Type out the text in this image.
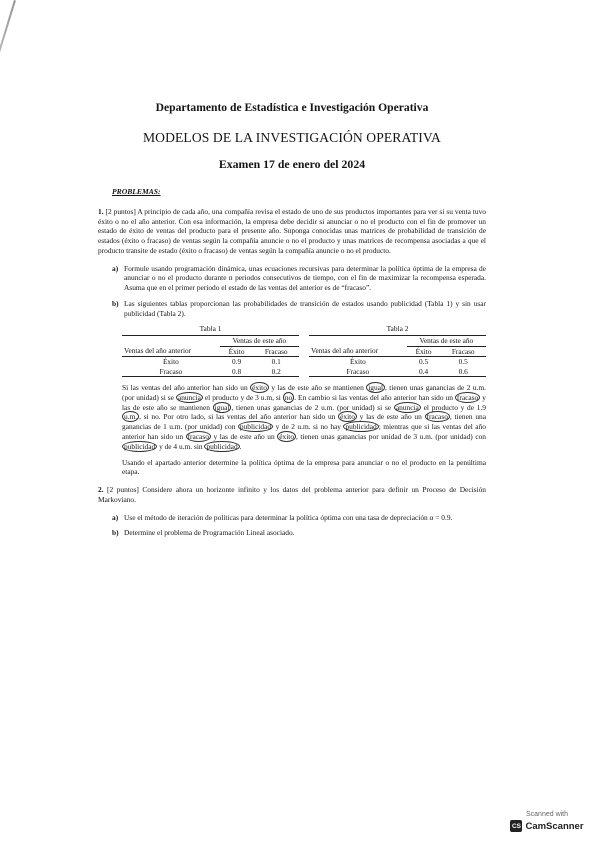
Departamento de Estadística e Investigación Operativa
MODELOS DE LA INVESTIGACIÓN OPERATIVA
Examen 17 de enero del 2024
PROBLEMAS:

1. [2 puntos] A principio de cada año, una compañía revisa el estado de uno de sus productos importantes para ver si su venta tuvo éxito o no el año anterior. Con esa información, la empresa debe decidir si anunciar o no el producto con el fin de promover un estado de éxito de ventas del producto para el presente año. Suponga conocidas unas matrices de probabilidad de transición de estados (éxito o fracaso) de ventas según la compañía anuncie o no el producto y unas matrices de recompensa asociadas a que el producto transite de estado (éxito o fracaso) de ventas según la compañía anuncie o no el producto.

a) Formule usando programación dinámica, unas ecuaciones recursivas para determinar la política óptima de la empresa de anunciar o no el producto durante n periodos consecutivos de tiempo, con el fin de maximizar la recompensa esperada. Asuma que en el primer periodo el estado de las ventas del anterior es de “fracaso”.
b) Las siguientes tablas proporcionan las probabilidades de transición de estados usando publicidad (Tabla 1) y sin usar publicidad (Tabla 2).
Tabla 1
	Ventas de este año	
Ventas del año anterior	Éxito	Fracaso
Éxito	0.9	0.1
Fracaso	0.8	0.2
Tabla 2
	Ventas de este año	
Ventas del año anterior	Éxito	Fracaso
Éxito	0.5	0.5
Fracaso	0.4	0.6

Si las ventas del año anterior han sido un éxito y las de este año se mantienen igual , tienen unas ganancias de 2 u.m. (por unidad) si se anuncia el producto y de 3 u.m, si no . En cambio si las ventas del año anterior han sido un fracaso y las de este año se mantienen igual , tienen unas ganancias de 2 u.m. (por unidad) si se anuncia el producto y de 1.9 u.m. , si no. Por otro lado, si las ventas del año anterior han sido un éxito y las de este año un fracaso , tienen una ganancias de 1 u.m. (por unidad) con publicidad y de 2 u.m. si no hay publicidad ; mientras que si las ventas del año anterior han sido un fracaso y las de este año un éxito , tienen unas ganancias por unidad de 3 u.m. (por unidad) con publicidad y de 4 u.m. sin publicidad .

Usando el apartado anterior determine la política óptima de la empresa para anunciar o no el producto en la penúltima etapa.

2. [2 puntos] Considere ahora un horizonte infinito y los datos del problema anterior para definir un Proceso de Decisión Markoviano.

a) Use el método de iteración de políticas para determinar la política óptima con una tasa de depreciación α = 0.9.
b) Determine el problema de Programación Lineal asociado.
Scanned with
CS CamScanner
